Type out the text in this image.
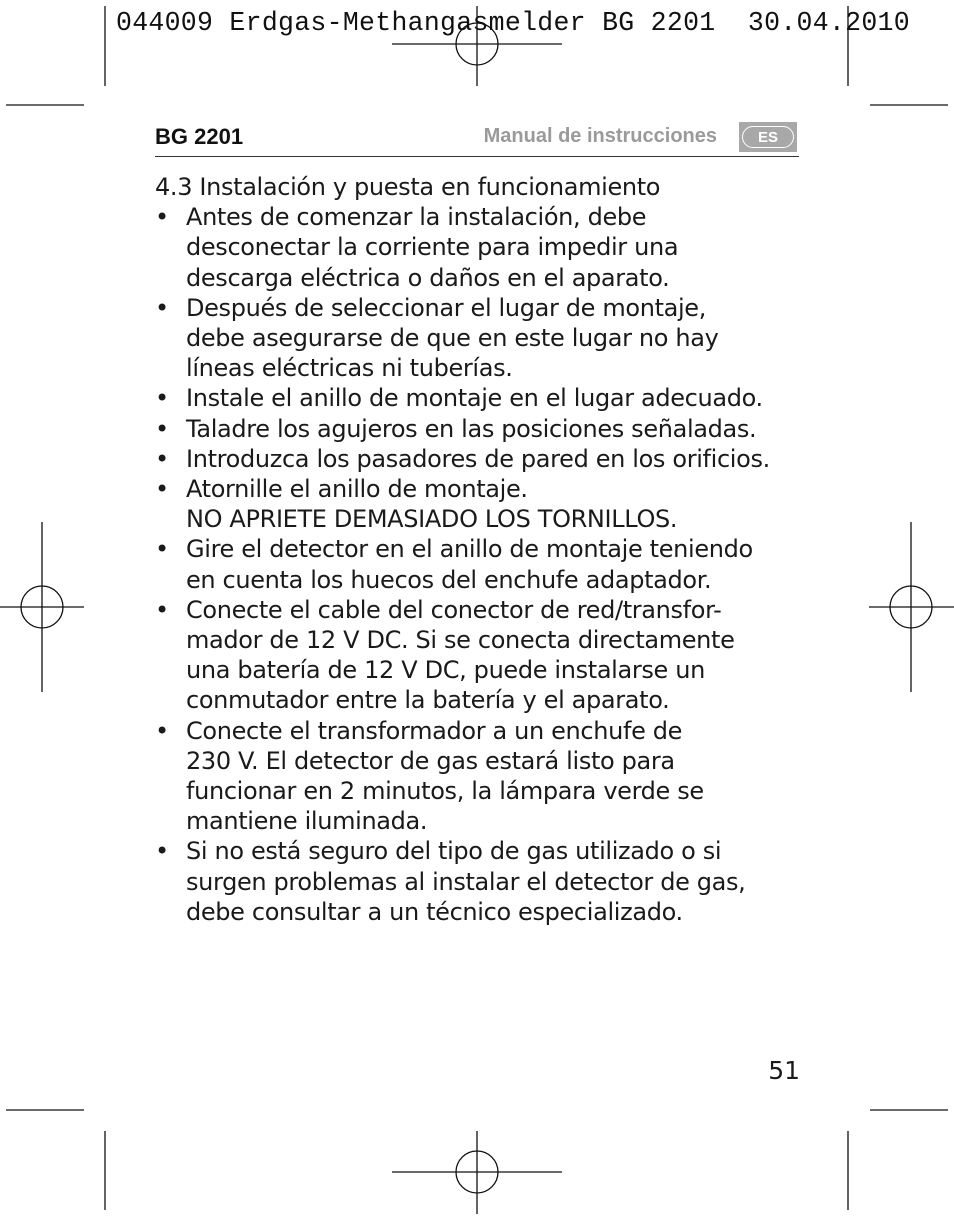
044009 Erdgas-Methangasmelder BG 2201  30.04.2010
BG 2201	Manual de instrucciones	ES
4.3 Instalación y puesta en funcionamiento
• Antes de comenzar la instalación, debe
desconectar la corriente para impedir una
descarga eléctrica o daños en el aparato.
• Después de seleccionar el lugar de montaje,
debe asegurarse de que en este lugar no hay
líneas eléctricas ni tuberías.
• Instale el anillo de montaje en el lugar adecuado.
• Taladre los agujeros en las posiciones señaladas.
• Introduzca los pasadores de pared en los orificios.
• Atornille el anillo de montaje.
NO APRIETE DEMASIADO LOS TORNILLOS.
• Gire el detector en el anillo de montaje teniendo
en cuenta los huecos del enchufe adaptador.
• Conecte el cable del conector de red/transfor-
mador de 12 V DC. Si se conecta directamente
una batería de 12 V DC, puede instalarse un
conmutador entre la batería y el aparato.
• Conecte el transformador a un enchufe de
230 V. El detector de gas estará listo para
funcionar en 2 minutos, la lámpara verde se
mantiene iluminada.
• Si no está seguro del tipo de gas utilizado o si
surgen problemas al instalar el detector de gas,
debe consultar a un técnico especializado.
51
